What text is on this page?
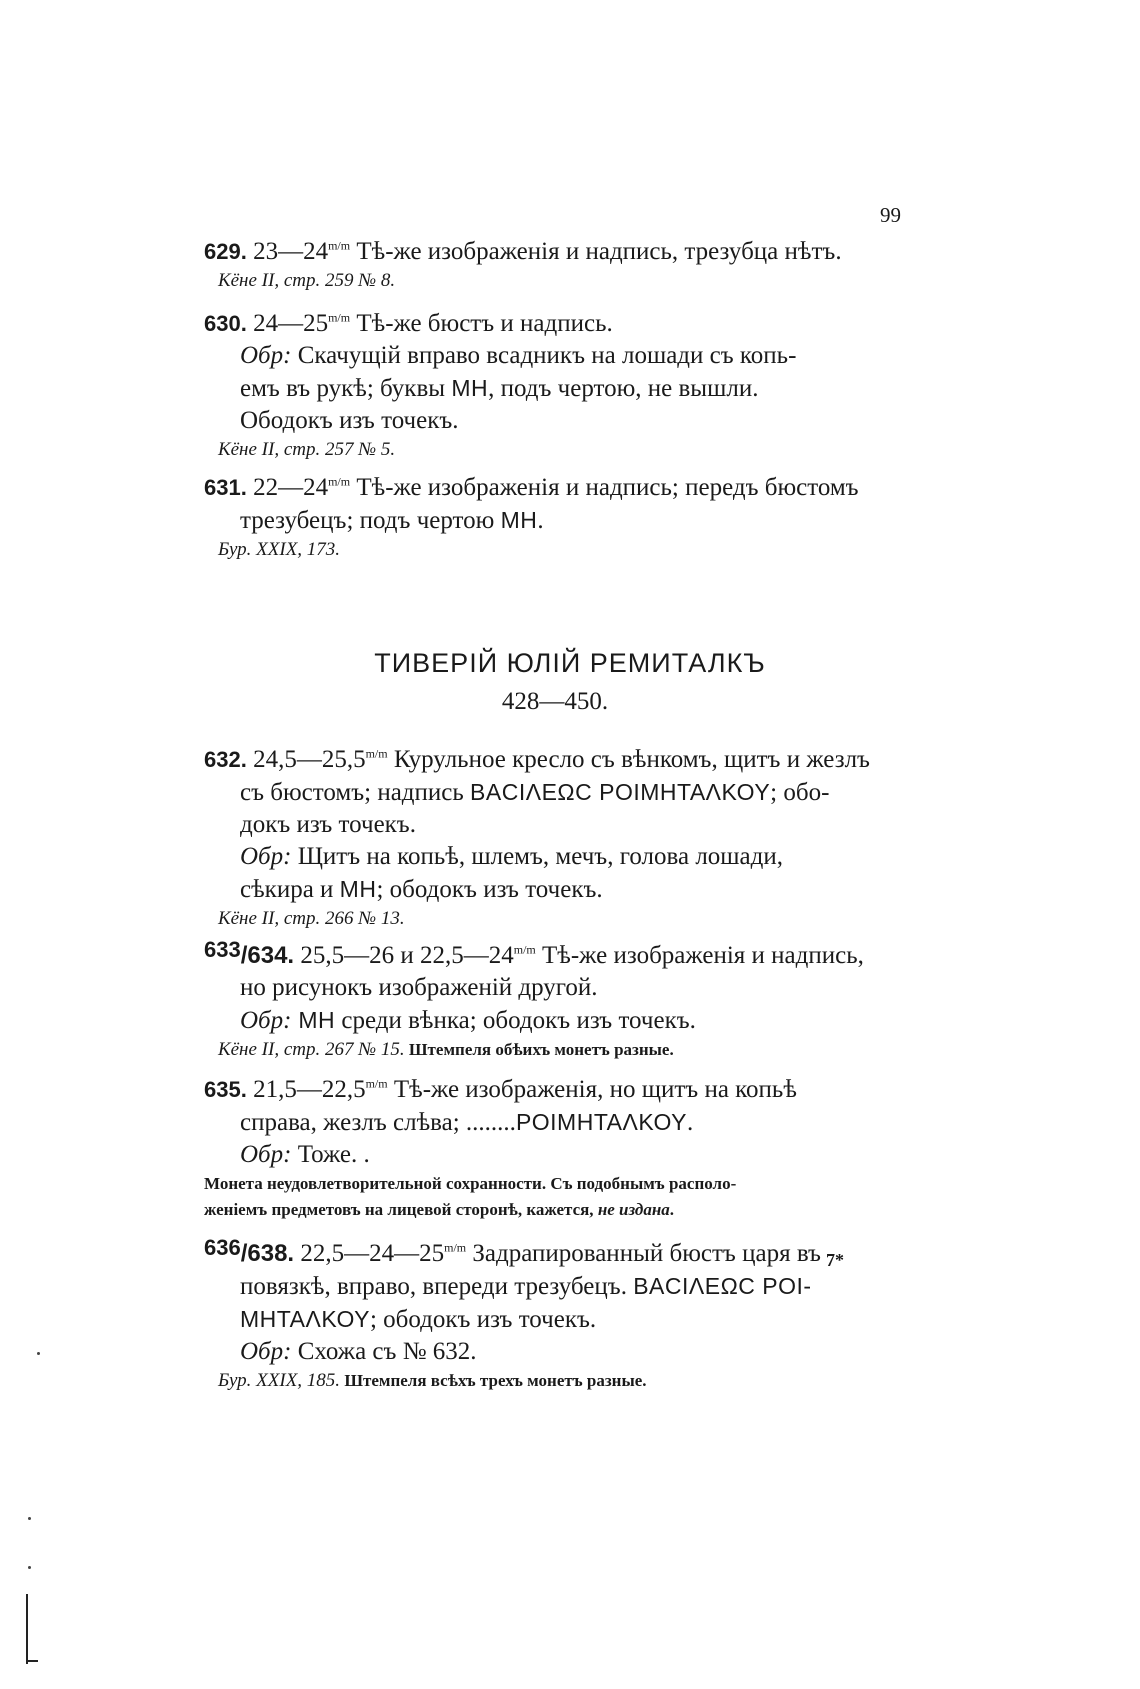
99
629. $23—24^{m/m}$ Тѣ-же изображенія и надпись, трезубца нѣтъ.
Кёне II, стр. 259 № 8.
630. $24—25^{m/m}$ Тѣ-же бюстъ и надпись.
Обр: Скачущій вправо всадникъ на лошади съ копь-
емъ въ рукѣ; буквы ΜΗ, подъ чертою, не вышли.
Ободокъ изъ точекъ.
Кёне II, стр. 257 № 5.
631. $22—24^{m/m}$ Тѣ-же изображенія и надпись; передъ бюстомъ
трезубецъ; подъ чертою ΜΗ.
Бур. XXIX, 173.
ТИВЕРІЙ ЮЛІЙ РЕМИТАЛКЪ
428—450.
632. $24,5—25,5^{m/m}$ Курульное кресло съ вѣнкомъ, щитъ и жезлъ
съ бюстомъ; надпись ΒΑϹΙΛΕΩϹ ΡΟΙΜΗΤΑΛΚΟΥ; обо-
докъ изъ точекъ.
Обр: Щитъ на копьѣ, шлемъ, мечъ, голова лошади,
сѣкира и ΜΗ; ободокъ изъ точекъ.
Кёне II, стр. 266 № 13.
633/634. 25,5—26 и $22,5—24^{m/m}$ Тѣ-же изображенія и надпись,
но рисунокъ изображеній другой.
Обр: ΜΗ среди вѣнка; ободокъ изъ точекъ.
Кёне II, стр. 267 № 15. Штемпеля обѣихъ монетъ разные.
635. $21,5—22,5^{m/m}$ Тѣ-же изображенія, но щитъ на копьѣ
справа, жезлъ слѣва; ........ΡΟΙΜΗΤΑΛΚΟΥ.
Обр: Тоже. .
Монета неудовлетворительной сохранности. Съ подобнымъ располо-
женіемъ предметовъ на лицевой сторонѣ, кажется, не издана.
636/638. $22,5—24—25^{m/m}$ Задрапированный бюстъ царя въ
повязкѣ, вправо, впереди трезубецъ. ΒΑϹΙΛΕΩϹ ΡΟΙ-
ΜΗΤΑΛΚΟΥ; ободокъ изъ точекъ.
Обр: Схожа съ № 632.
Бур. XXIX, 185. Штемпеля всѣхъ трехъ монетъ разные.
7*
